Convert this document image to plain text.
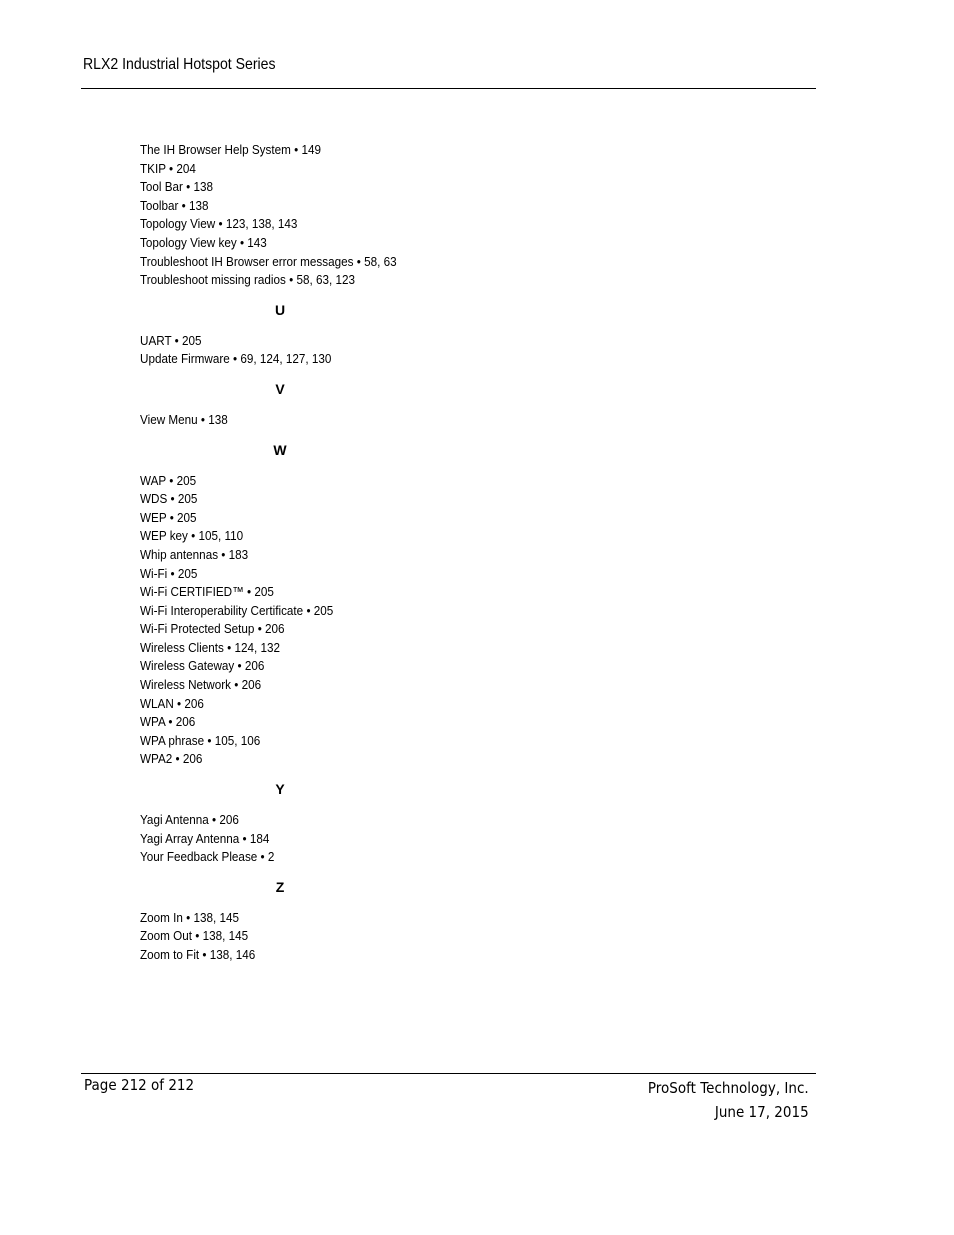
RLX2 Industrial Hotspot Series
The IH Browser Help System • 149
TKIP • 204
Tool Bar • 138
Toolbar • 138
Topology View • 123, 138, 143
Topology View key • 143
Troubleshoot IH Browser error messages • 58, 63
Troubleshoot missing radios • 58, 63, 123
U
UART • 205
Update Firmware • 69, 124, 127, 130
V
View Menu • 138
W
WAP • 205
WDS • 205
WEP • 205
WEP key • 105, 110
Whip antennas • 183
Wi-Fi • 205
Wi-Fi CERTIFIED™ • 205
Wi-Fi Interoperability Certificate • 205
Wi-Fi Protected Setup • 206
Wireless Clients • 124, 132
Wireless Gateway • 206
Wireless Network • 206
WLAN • 206
WPA • 206
WPA phrase • 105, 106
WPA2 • 206
Y
Yagi Antenna • 206
Yagi Array Antenna • 184
Your Feedback Please • 2
Z
Zoom In • 138, 145
Zoom Out • 138, 145
Zoom to Fit • 138, 146
Page 212 of 212	ProSoft Technology, Inc.
June 17, 2015
